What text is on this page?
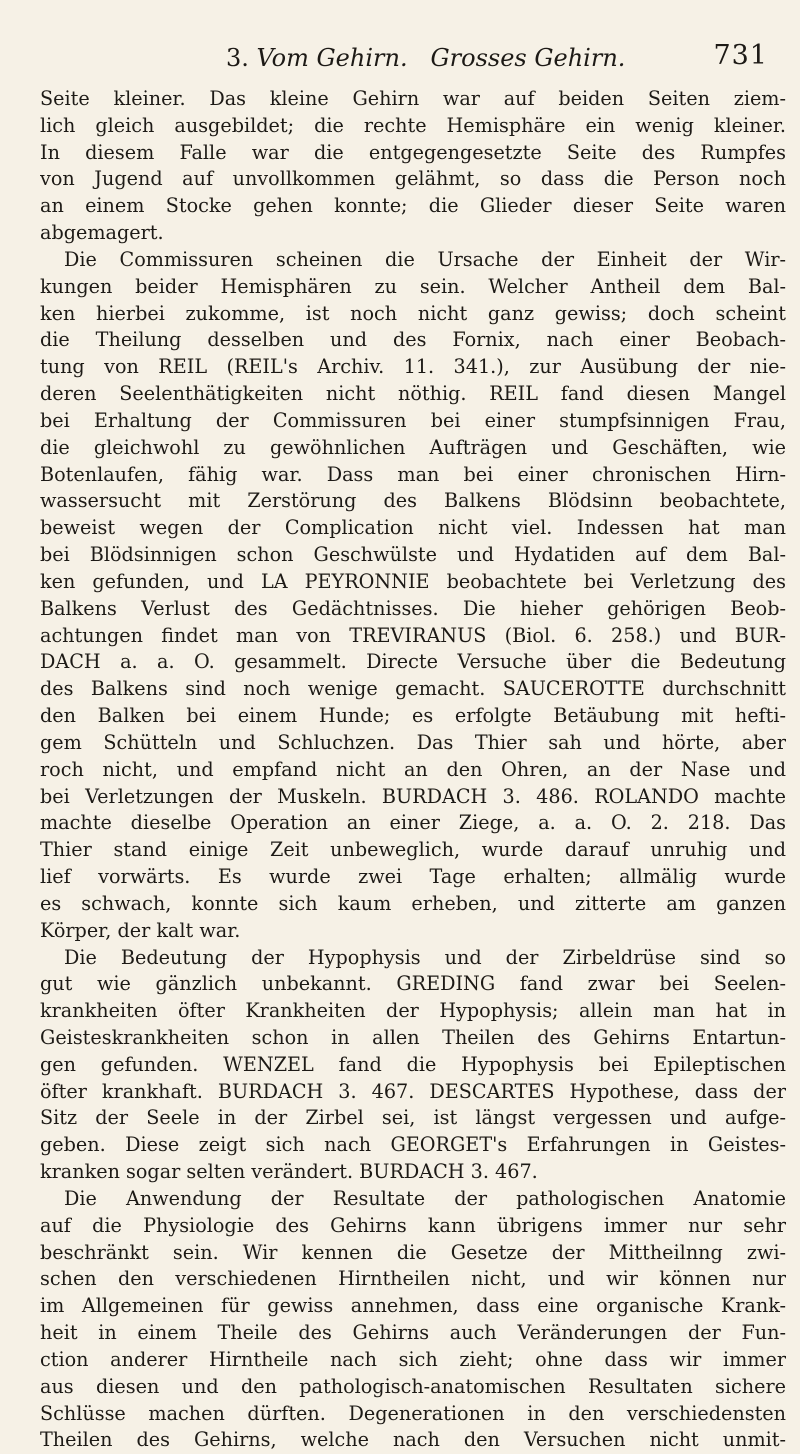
3. Vom Gehirn. Grosses Gehirn.	731
Seite kleiner. Das kleine Gehirn war auf beiden Seiten ziem-
lich gleich ausgebildet; die rechte Hemisphäre ein wenig kleiner.
In diesem Falle war die entgegengesetzte Seite des Rumpfes
von Jugend auf unvollkommen gelähmt, so dass die Person noch
an einem Stocke gehen konnte; die Glieder dieser Seite waren
abgemagert.
Die Commissuren scheinen die Ursache der Einheit der Wir-
kungen beider Hemisphären zu sein. Welcher Antheil dem Bal-
ken hierbei zukomme, ist noch nicht ganz gewiss; doch scheint
die Theilung desselben und des Fornix, nach einer Beobach-
tung von REIL (REIL's Archiv. 11. 341.), zur Ausübung der nie-
deren Seelenthätigkeiten nicht nöthig. REIL fand diesen Mangel
bei Erhaltung der Commissuren bei einer stumpfsinnigen Frau,
die gleichwohl zu gewöhnlichen Aufträgen und Geschäften, wie
Botenlaufen, fähig war. Dass man bei einer chronischen Hirn-
wassersucht mit Zerstörung des Balkens Blödsinn beobachtete,
beweist wegen der Complication nicht viel. Indessen hat man
bei Blödsinnigen schon Geschwülste und Hydatiden auf dem Bal-
ken gefunden, und LA PEYRONNIE beobachtete bei Verletzung des
Balkens Verlust des Gedächtnisses. Die hieher gehörigen Beob-
achtungen findet man von TREVIRANUS (Biol. 6. 258.) und BUR-
DACH a. a. O. gesammelt. Directe Versuche über die Bedeutung
des Balkens sind noch wenige gemacht. SAUCEROTTE durchschnitt
den Balken bei einem Hunde; es erfolgte Betäubung mit hefti-
gem Schütteln und Schluchzen. Das Thier sah und hörte, aber
roch nicht, und empfand nicht an den Ohren, an der Nase und
bei Verletzungen der Muskeln. BURDACH 3. 486. ROLANDO machte
machte dieselbe Operation an einer Ziege, a. a. O. 2. 218. Das
Thier stand einige Zeit unbeweglich, wurde darauf unruhig und
lief vorwärts. Es wurde zwei Tage erhalten; allmälig wurde
es schwach, konnte sich kaum erheben, und zitterte am ganzen
Körper, der kalt war.
Die Bedeutung der Hypophysis und der Zirbeldrüse sind so
gut wie gänzlich unbekannt. GREDING fand zwar bei Seelen-
krankheiten öfter Krankheiten der Hypophysis; allein man hat in
Geisteskrankheiten schon in allen Theilen des Gehirns Entartun-
gen gefunden. WENZEL fand die Hypophysis bei Epileptischen
öfter krankhaft. BURDACH 3. 467. DESCARTES Hypothese, dass der
Sitz der Seele in der Zirbel sei, ist längst vergessen und aufge-
geben. Diese zeigt sich nach GEORGET's Erfahrungen in Geistes-
kranken sogar selten verändert. BURDACH 3. 467.
Die Anwendung der Resultate der pathologischen Anatomie
auf die Physiologie des Gehirns kann übrigens immer nur sehr
beschränkt sein. Wir kennen die Gesetze der Mittheilnng zwi-
schen den verschiedenen Hirntheilen nicht, und wir können nur
im Allgemeinen für gewiss annehmen, dass eine organische Krank-
heit in einem Theile des Gehirns auch Veränderungen der Fun-
ction anderer Hirntheile nach sich zieht; ohne dass wir immer
aus diesen und den pathologisch-anatomischen Resultaten sichere
Schlüsse machen dürften. Degenerationen in den verschiedensten
Theilen des Gehirns, welche nach den Versuchen nicht unmit-
